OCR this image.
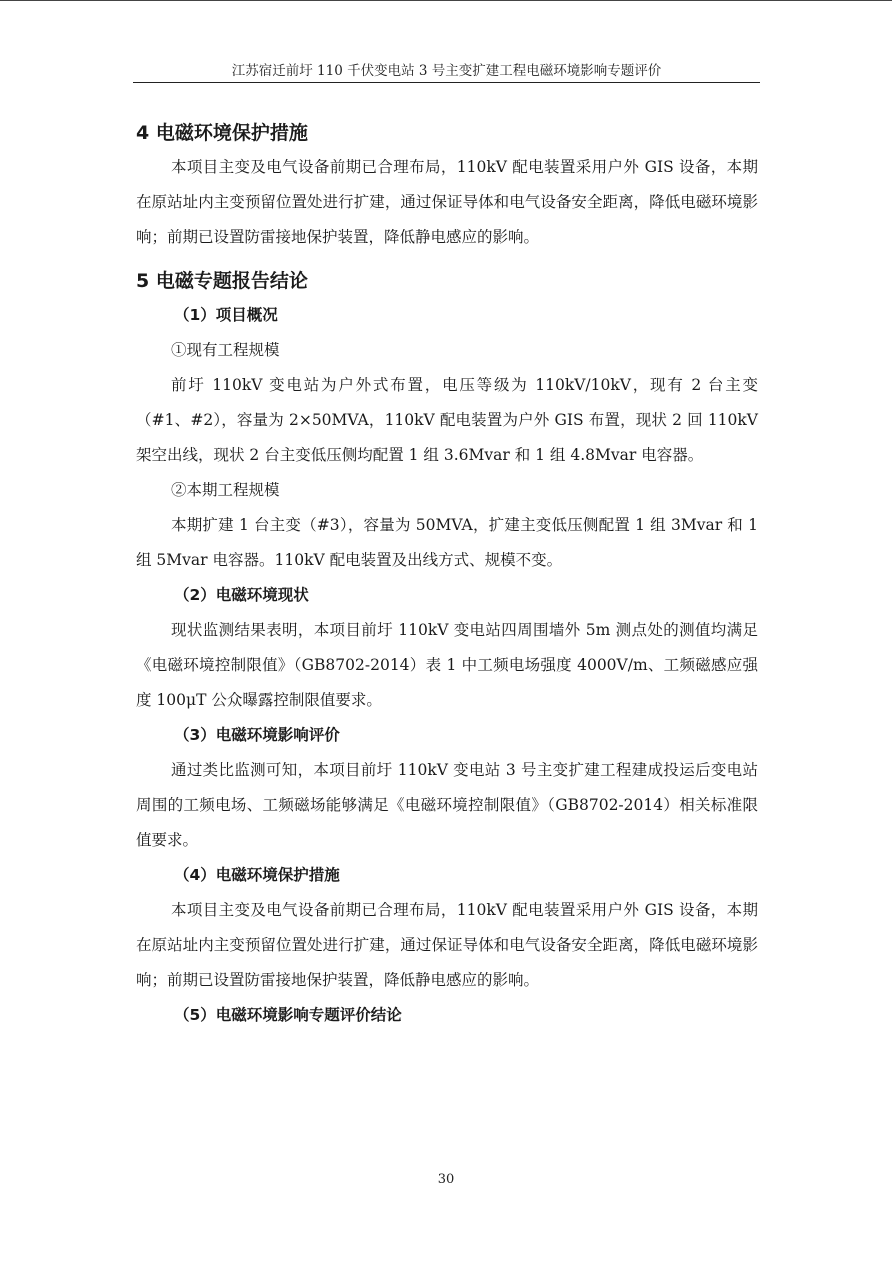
江苏宿迁前圩 110 千伏变电站 3 号主变扩建工程电磁环境影响专题评价
4 电磁环境保护措施

本项目主变及电气设备前期已合理布局，110kV 配电装置采用户外 GIS 设备，本期在原站址内主变预留位置处进行扩建，通过保证导体和电气设备安全距离，降低电磁环境影响；前期已设置防雷接地保护装置，降低静电感应的影响。

5 电磁专题报告结论
（1）项目概况

①现有工程规模

前圩 110kV 变电站为户外式布置，电压等级为 110kV/10kV，现有 2 台主变（#1、#2），容量为 2×50MVA，110kV 配电装置为户外 GIS 布置，现状 2 回 110kV 架空出线，现状 2 台主变低压侧均配置 1 组 3.6Mvar 和 1 组 4.8Mvar 电容器。

②本期工程规模

本期扩建 1 台主变（#3），容量为 50MVA，扩建主变低压侧配置 1 组 3Mvar 和 1 组 5Mvar 电容器。110kV 配电装置及出线方式、规模不变。

（2）电磁环境现状

现状监测结果表明，本项目前圩 110kV 变电站四周围墙外 5m 测点处的测值均满足《电磁环境控制限值》（GB8702-2014）表 1 中工频电场强度 4000V/m、工频磁感应强度 100μT 公众曝露控制限值要求。

（3）电磁环境影响评价

通过类比监测可知，本项目前圩 110kV 变电站 3 号主变扩建工程建成投运后变电站周围的工频电场、工频磁场能够满足《电磁环境控制限值》（GB8702-2014）相关标准限值要求。

（4）电磁环境保护措施

本项目主变及电气设备前期已合理布局，110kV 配电装置采用户外 GIS 设备，本期在原站址内主变预留位置处进行扩建，通过保证导体和电气设备安全距离，降低电磁环境影响；前期已设置防雷接地保护装置，降低静电感应的影响。

（5）电磁环境影响专题评价结论
30
